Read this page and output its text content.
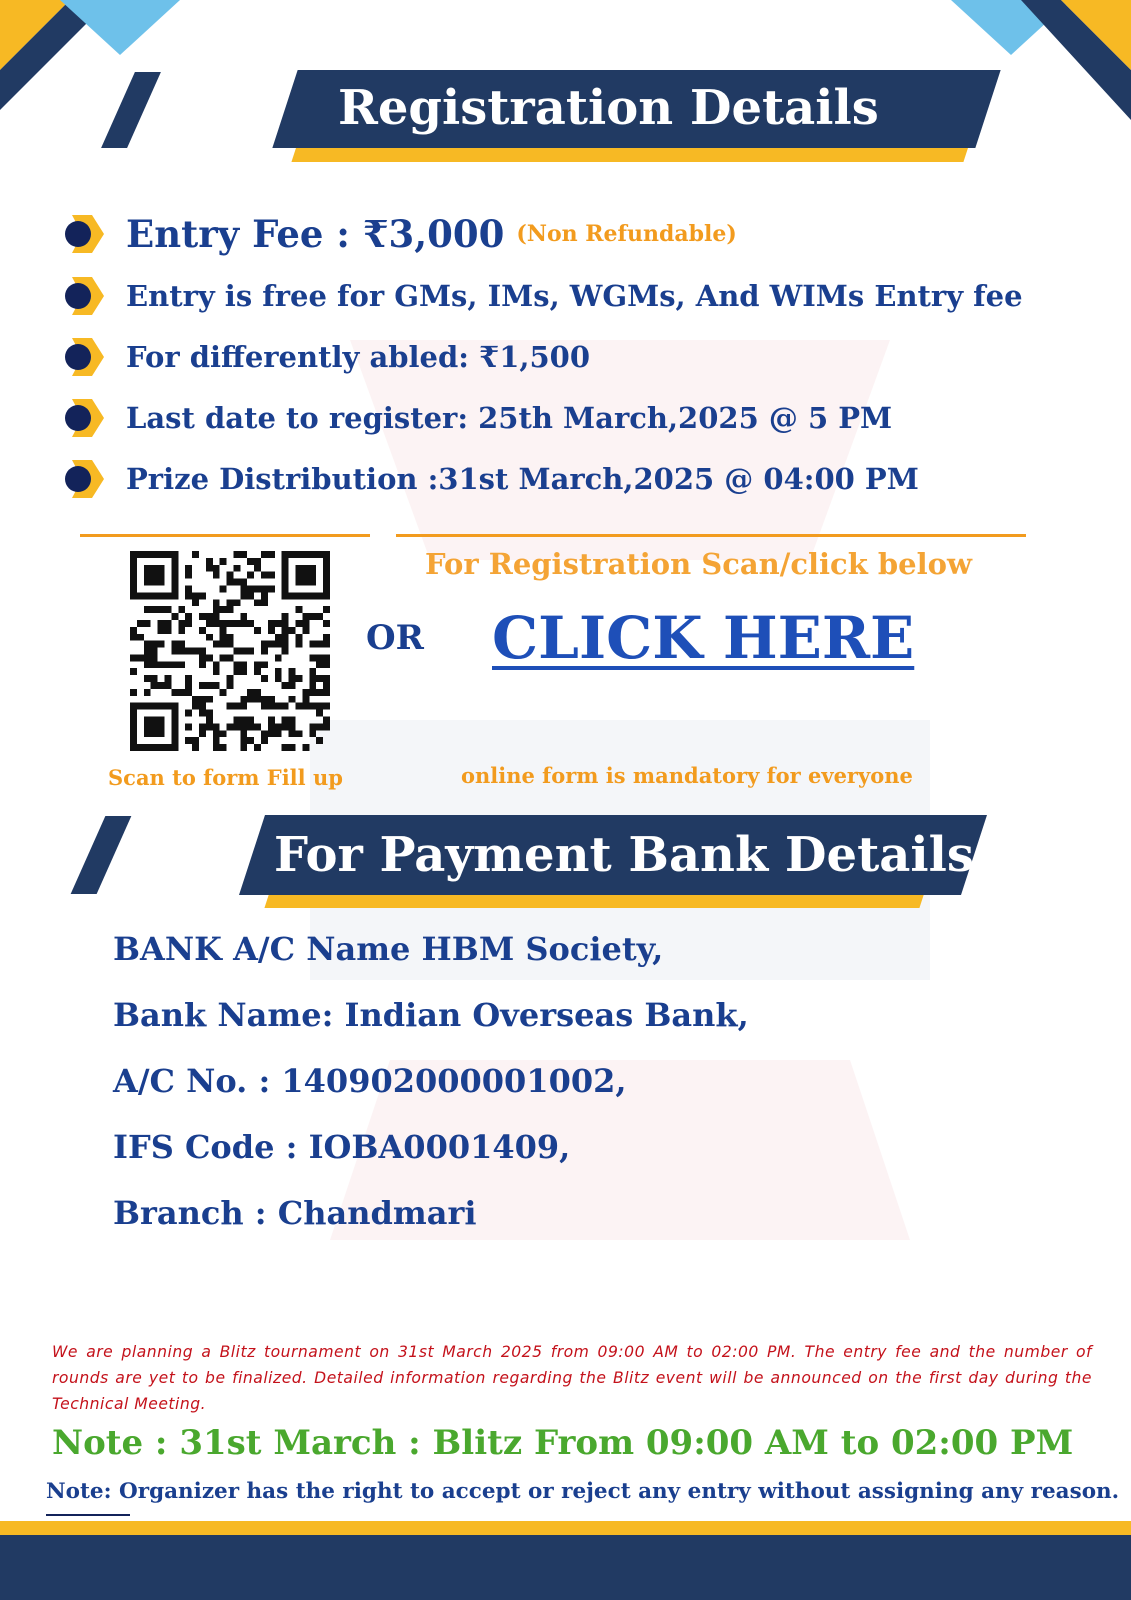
Registration Details
Entry Fee : ₹3,000 (Non Refundable)
Entry is free for GMs, IMs, WGMs, And WIMs Entry fee
For differently abled: ₹1,500
Last date to register: 25th March,2025 @ 5 PM
Prize Distribution :31st March,2025 @ 04:00 PM
For Registration Scan/click below
OR CLICK HERE
Scan to form Fill up	online form is mandatory for everyone
For Payment Bank Details
BANK A/C Name HBM Society,
Bank Name: Indian Overseas Bank,
A/C No. : 140902000001002,
IFS Code : IOBA0001409,
Branch : Chandmari
We are planning a Blitz tournament on 31st March 2025 from 09:00 AM to 02:00 PM. The entry fee and the number of rounds are yet to be finalized. Detailed information regarding the Blitz event will be announced on the first day during the Technical Meeting.
Note : 31st March : Blitz From 09:00 AM to 02:00 PM
Note: Organizer has the right to accept or reject any entry without assigning any reason.
